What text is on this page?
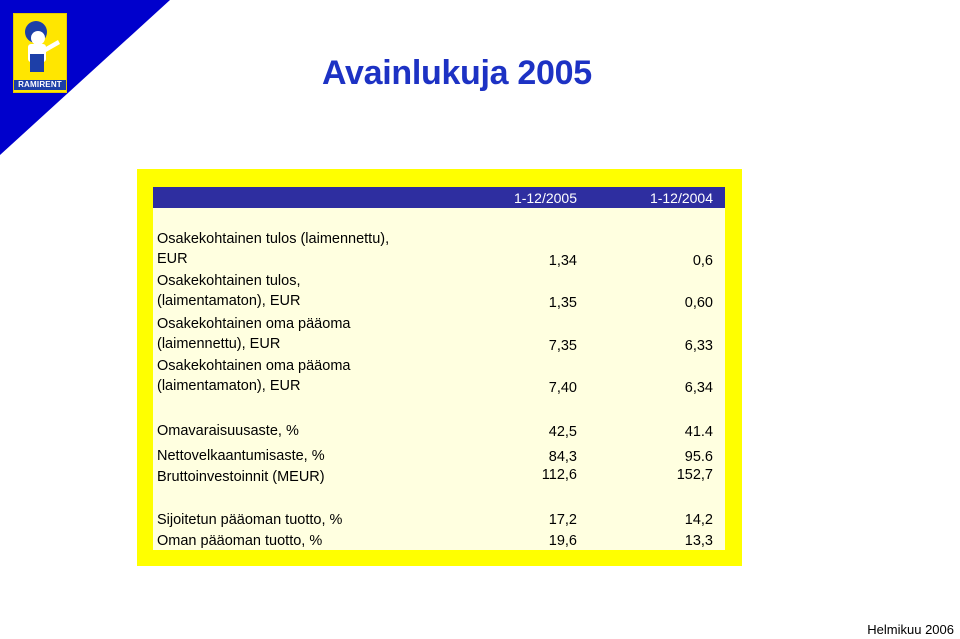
RAMIRENT	Avainlukuja 2005
1-12/2005	1-12/2004
Osakekohtainen tulos (laimennettu),
EUR	1,34	0,6
Osakekohtainen tulos,
(laimentamaton), EUR	1,35	0,60
Osakekohtainen oma pääoma
(laimennettu), EUR	7,35	6,33
Osakekohtainen oma pääoma
(laimentamaton), EUR	7,40	6,34
Omavaraisuusaste, %	42,5	41.4
Nettovelkaantumisaste, %	84,3	95.6
Bruttoinvestoinnit (MEUR)	112,6	152,7
Sijoitetun pääoman tuotto, %	17,2	14,2
Oman pääoman tuotto, %	19,6	13,3
Helmikuu 2006
